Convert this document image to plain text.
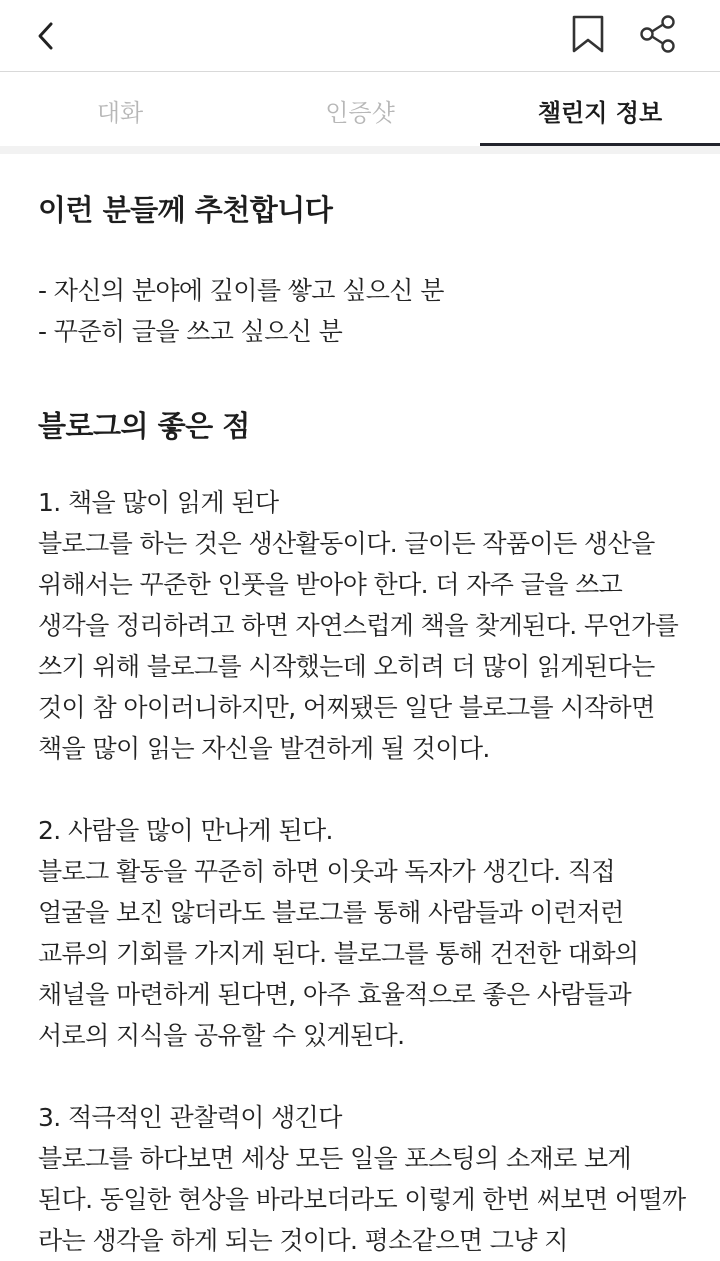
대화	인증샷	챌린지 정보
이런 분들께 추천합니다

- 자신의 분야에 깊이를 쌓고 싶으신 분

- 꾸준히 글을 쓰고 싶으신 분

블로그의 좋은 점

1. 책을 많이 읽게 된다

블로그를 하는 것은 생산활동이다. 글이든 작품이든 생산을 위해서는 꾸준한 인풋을 받아야 한다. 더 자주 글을 쓰고 생각을 정리하려고 하면 자연스럽게 책을 찾게된다. 무언가를 쓰기 위해 블로그를 시작했는데 오히려 더 많이 읽게된다는 것이 참 아이러니하지만, 어찌됐든 일단 블로그를 시작하면 책을 많이 읽는 자신을 발견하게 될 것이다.

2. 사람을 많이 만나게 된다.

블로그 활동을 꾸준히 하면 이웃과 독자가 생긴다. 직접 얼굴을 보진 않더라도 블로그를 통해 사람들과 이런저런 교류의 기회를 가지게 된다. 블로그를 통해 건전한 대화의 채널을 마련하게 된다면, 아주 효율적으로 좋은 사람들과 서로의 지식을 공유할 수 있게된다.

3. 적극적인 관찰력이 생긴다

블로그를 하다보면 세상 모든 일을 포스팅의 소재로 보게 된다. 동일한 현상을 바라보더라도 이렇게 한번 써보면 어떨까 라는 생각을 하게 되는 것이다. 평소같으면 그냥 지
